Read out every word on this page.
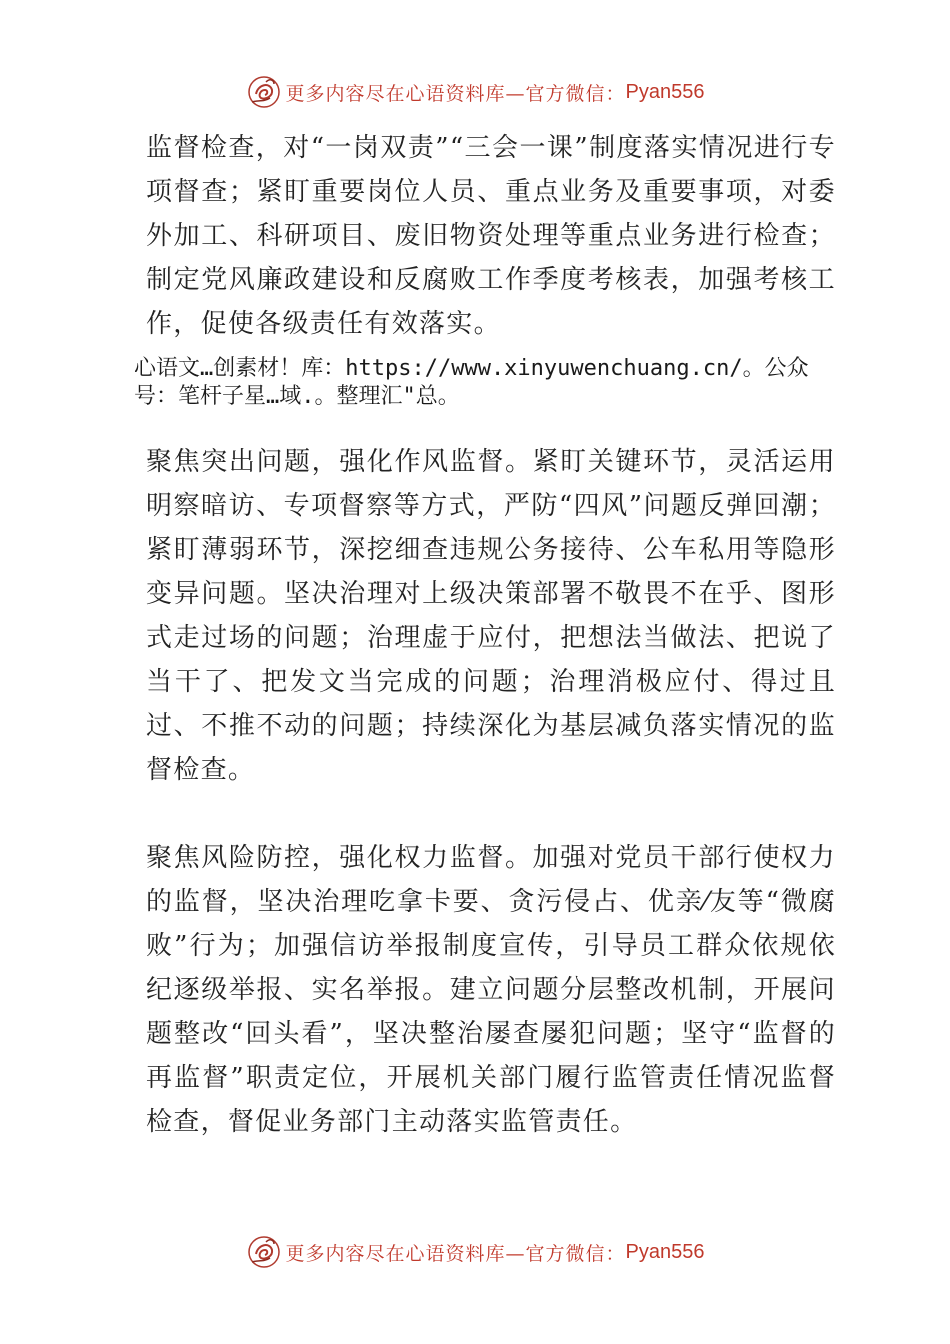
更多内容尽在心语资料库—官方微信： Pyan556

监督检查，对“一岗双责”“三会一课”制度落实情况进行专项督查；紧盯重要岗位人员、重点业务及重要事项，对委外加工、科研项目、废旧物资处理等重点业务进行检查；制定党风廉政建设和反腐败工作季度考核表，加强考核工作，促使各级责任有效落实。

心语文…创素材！库：https://www.xinyuwenchuang.cn/。公众号：笔杆子星…域.。整理汇"总。

聚焦突出问题，强化作风监督。紧盯关键环节，灵活运用明察暗访、专项督察等方式，严防“四风”问题反弹回潮；紧盯薄弱环节，深挖细查违规公务接待、公车私用等隐形变异问题。坚决治理对上级决策部署不敬畏不在乎、图形式走过场的问题；治理虚于应付，把想法当做法、把说了当干了、把发文当完成的问题；治理消极应付、得过且过、不推不动的问题；持续深化为基层减负落实情况的监督检查。

聚焦风险防控，强化权力监督。加强对党员干部行使权力的监督，坚决治理吃拿卡要、贪污侵占、优亲⁄友等“微腐败”行为；加强信访举报制度宣传，引导员工群众依规依纪逐级举报、实名举报。建立问题分层整改机制，开展问题整改“回头看”，坚决整治屡查屡犯问题；坚守“监督的再监督”职责定位，开展机关部门履行监管责任情况监督检查，督促业务部门主动落实监管责任。

更多内容尽在心语资料库—官方微信： Pyan556
